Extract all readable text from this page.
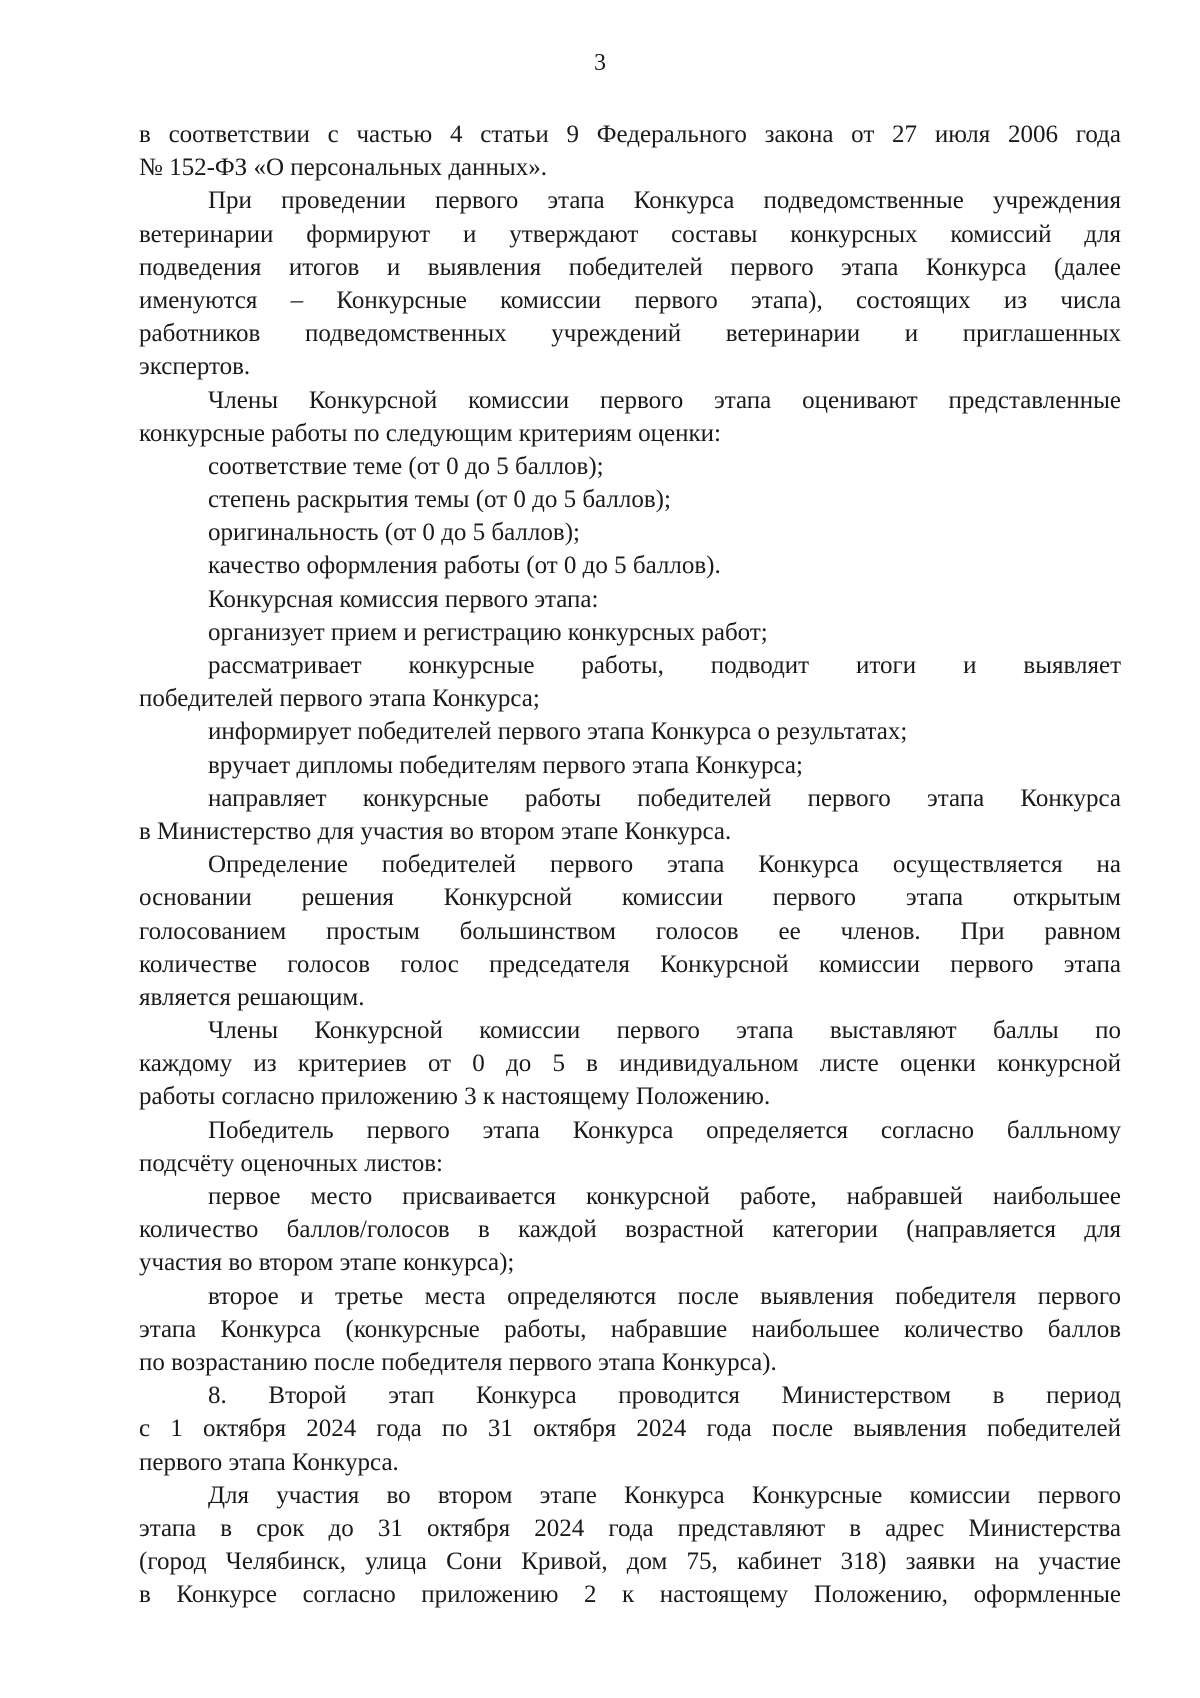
3
в соответствии с частью 4 статьи 9 Федерального закона от 27 июля 2006 года
№ 152-ФЗ «О персональных данных».
При проведении первого этапа Конкурса подведомственные учреждения
ветеринарии формируют и утверждают составы конкурсных комиссий для
подведения итогов и выявления победителей первого этапа Конкурса (далее
именуются – Конкурсные комиссии первого этапа), состоящих из числа
работников подведомственных учреждений ветеринарии и приглашенных
экспертов.
Члены Конкурсной комиссии первого этапа оценивают представленные
конкурсные работы по следующим критериям оценки:
соответствие теме (от 0 до 5 баллов);
степень раскрытия темы (от 0 до 5 баллов);
оригинальность (от 0 до 5 баллов);
качество оформления работы (от 0 до 5 баллов).
Конкурсная комиссия первого этапа:
организует прием и регистрацию конкурсных работ;
рассматривает конкурсные работы, подводит итоги и выявляет
победителей первого этапа Конкурса;
информирует победителей первого этапа Конкурса о результатах;
вручает дипломы победителям первого этапа Конкурса;
направляет конкурсные работы победителей первого этапа Конкурса
в Министерство для участия во втором этапе Конкурса.
Определение победителей первого этапа Конкурса осуществляется на
основании решения Конкурсной комиссии первого этапа открытым
голосованием простым большинством голосов ее членов. При равном
количестве голосов голос председателя Конкурсной комиссии первого этапа
является решающим.
Члены Конкурсной комиссии первого этапа выставляют баллы по
каждому из критериев от 0 до 5 в индивидуальном листе оценки конкурсной
работы согласно приложению 3 к настоящему Положению.
Победитель первого этапа Конкурса определяется согласно балльному
подсчёту оценочных листов:
первое место присваивается конкурсной работе, набравшей наибольшее
количество баллов/голосов в каждой возрастной категории (направляется для
участия во втором этапе конкурса);
второе и третье места определяются после выявления победителя первого
этапа Конкурса (конкурсные работы, набравшие наибольшее количество баллов
по возрастанию после победителя первого этапа Конкурса).
8. Второй этап Конкурса проводится Министерством в период
с 1 октября 2024 года по 31 октября 2024 года после выявления победителей
первого этапа Конкурса.
Для участия во втором этапе Конкурса Конкурсные комиссии первого
этапа в срок до 31 октября 2024 года представляют в адрес Министерства
(город Челябинск, улица Сони Кривой, дом 75, кабинет 318) заявки на участие
в Конкурсе согласно приложению 2 к настоящему Положению, оформленные
